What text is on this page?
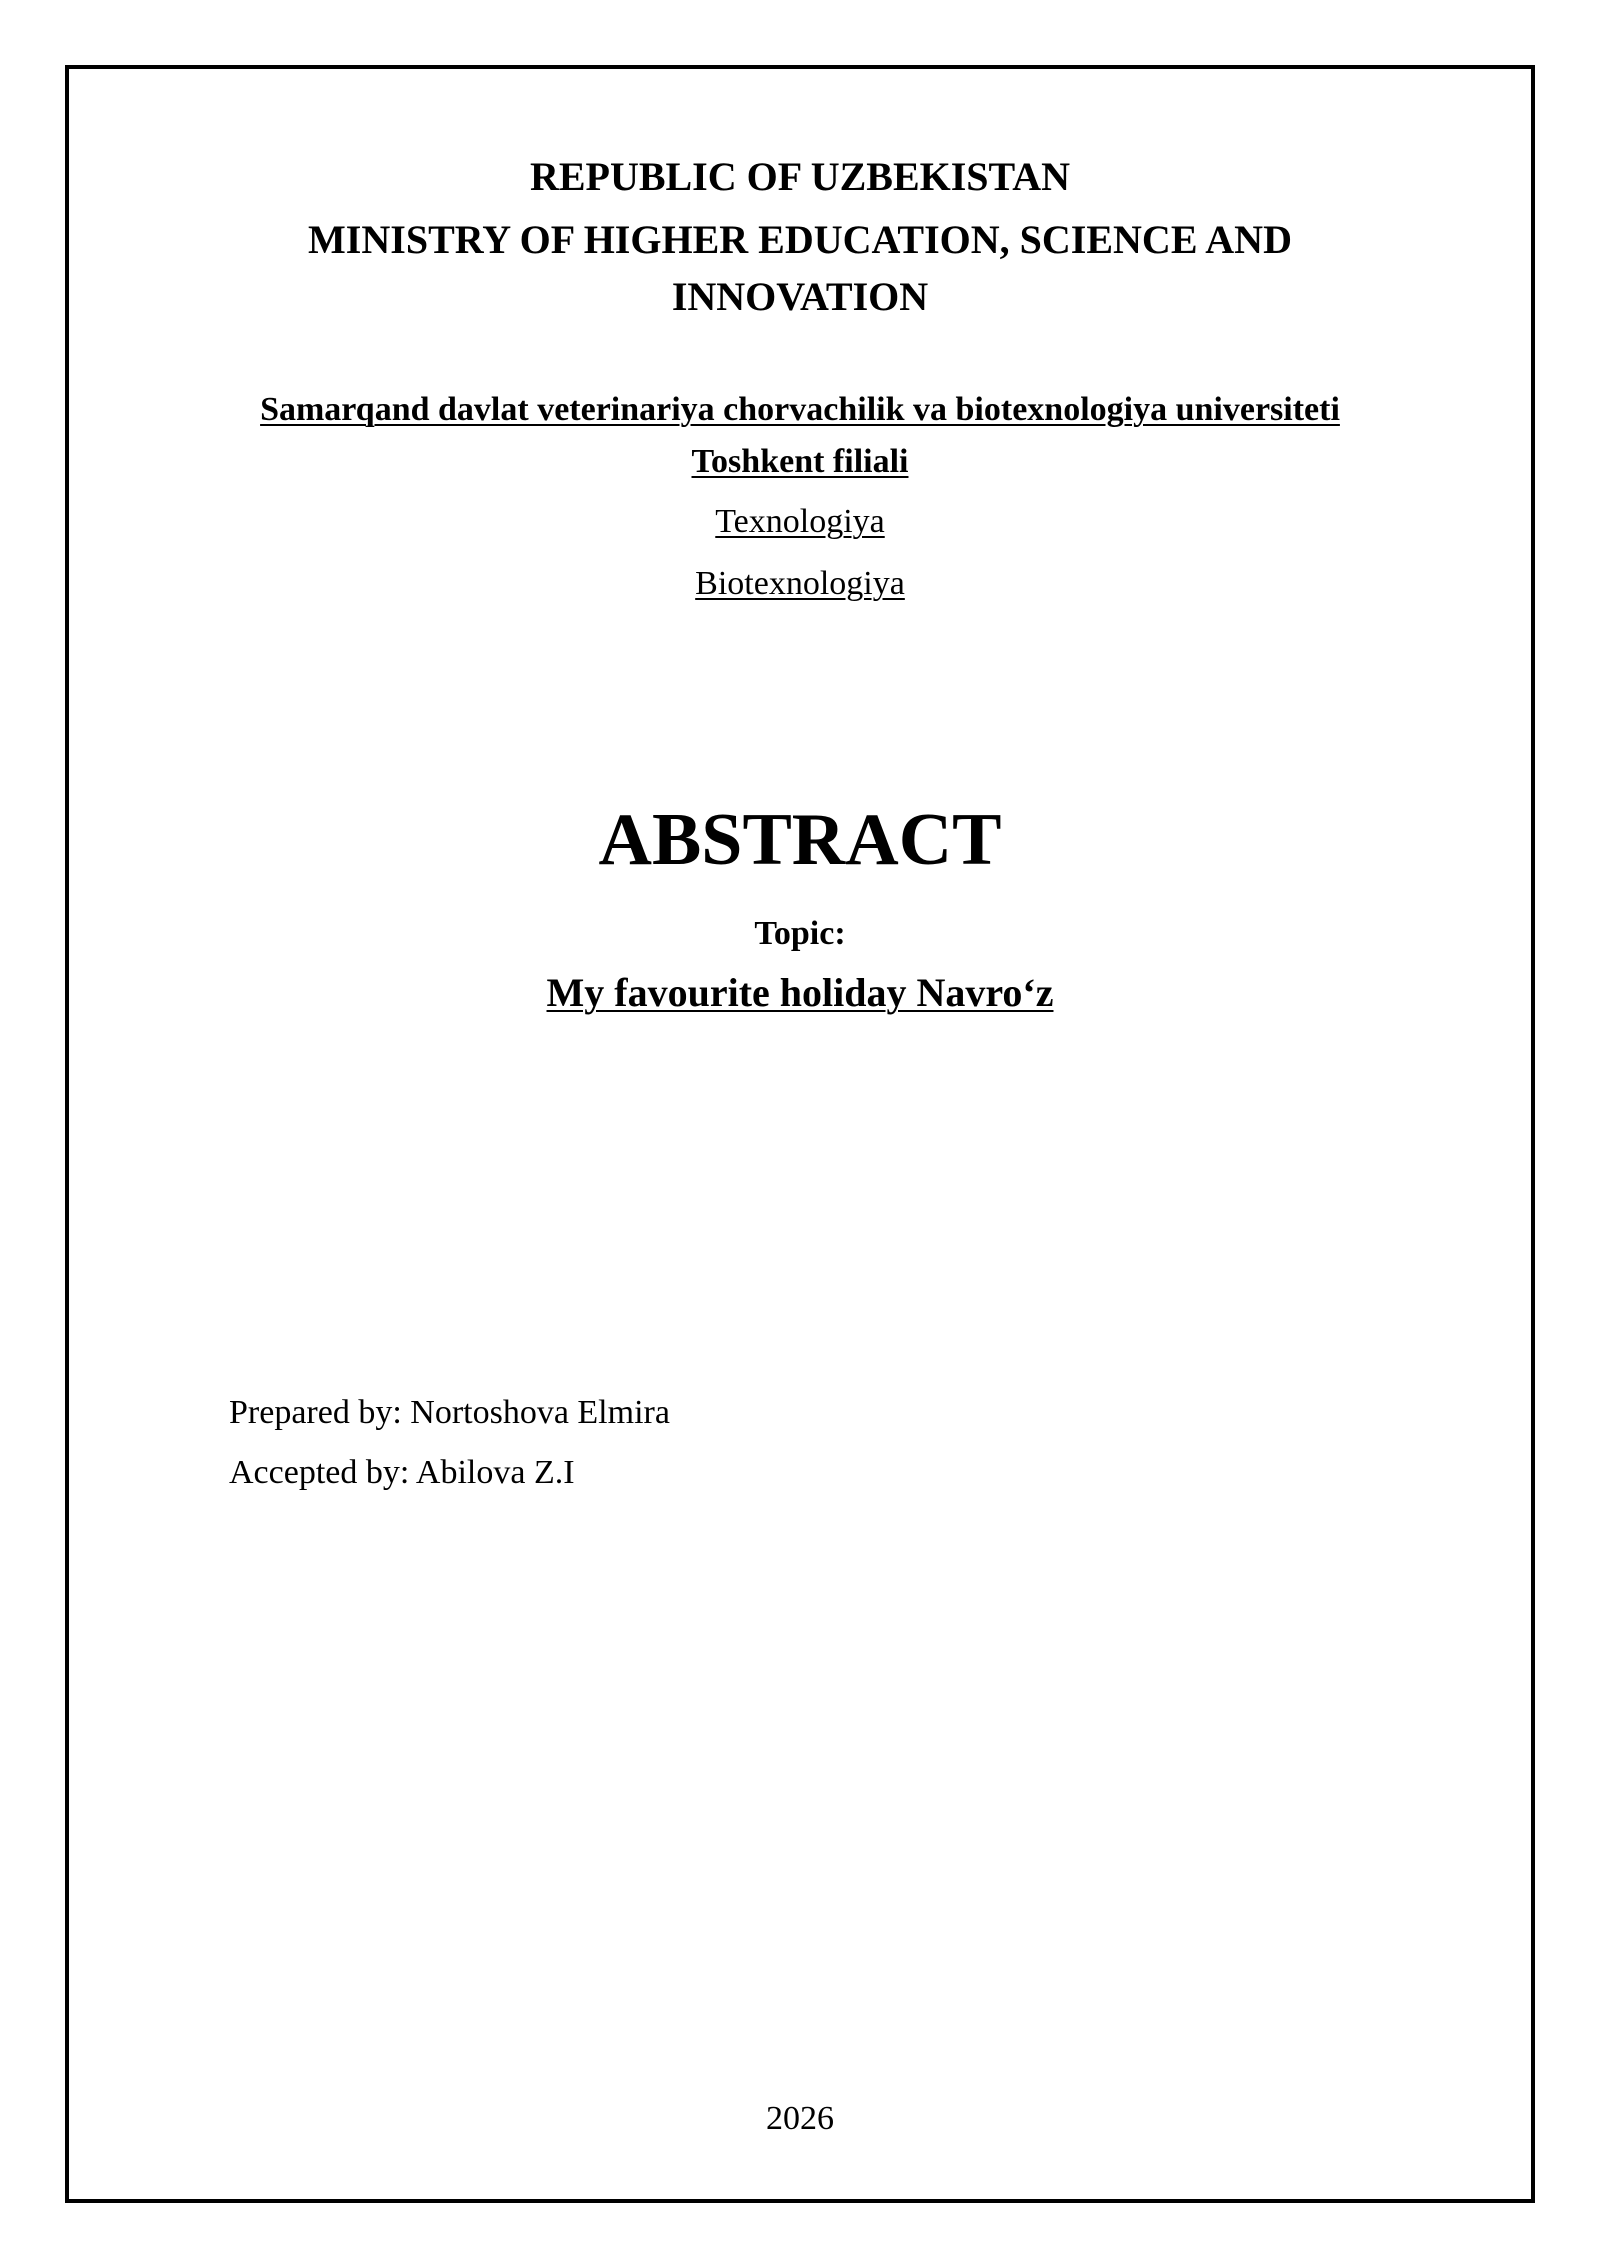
REPUBLIC OF UZBEKISTAN
MINISTRY OF HIGHER EDUCATION, SCIENCE AND
INNOVATION
Samarqand davlat veterinariya chorvachilik va biotexnologiya universiteti
Toshkent filiali
Texnologiya
Biotexnologiya
ABSTRACT
Topic:
My favourite holiday Navro‘z
Prepared by: Nortoshova Elmira
Accepted by: Abilova Z.I
2026
